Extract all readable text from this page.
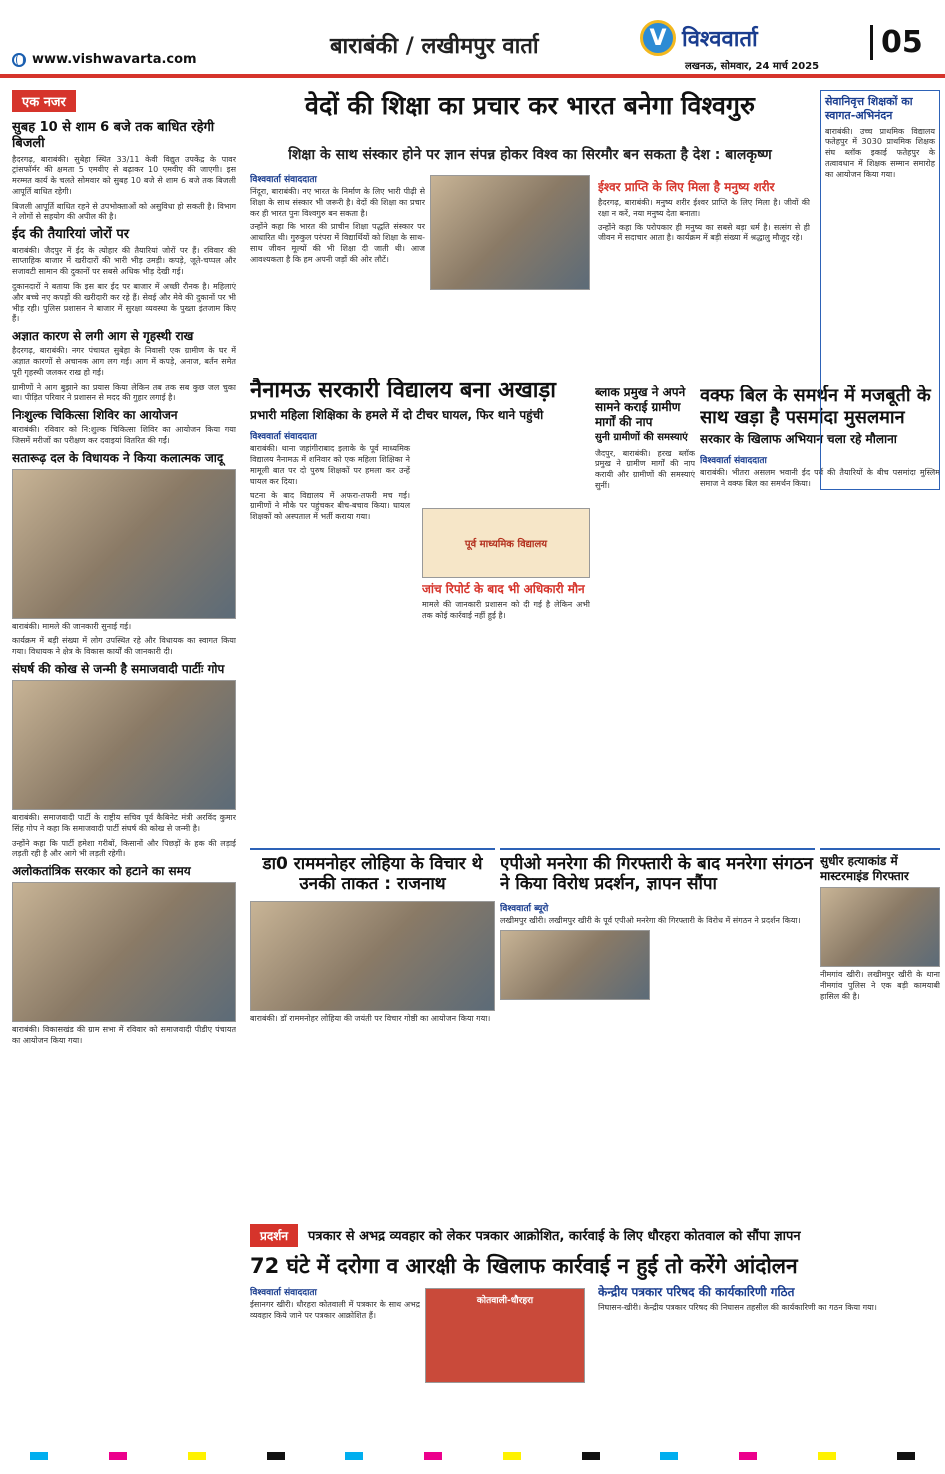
बाराबंकी / लखीमपुर वार्ता
www.vishwavarta.com
V विश्ववार्ता
लखनऊ, सोमवार, 24 मार्च 2025
05
एक नजर
सुबह 10 से शाम 6 बजे तक बाधित रहेगी बिजली
हैदरगढ़, बाराबंकी। सुबेहा स्थित 33/11 केवी विद्युत उपकेंद्र के पावर ट्रांसफॉर्मर की क्षमता 5 एमवीए से बढ़ाकर 10 एमवीए की जाएगी। इस मरम्मत कार्य के चलते सोमवार को सुबह 10 बजे से शाम 6 बजे तक बिजली आपूर्ति बाधित रहेगी।
बिजली आपूर्ति बाधित रहने से उपभोक्ताओं को असुविधा हो सकती है। विभाग ने लोगों से सहयोग की अपील की है।
ईद की तैयारियां जोरों पर
बाराबंकी। जैदपुर में ईद के त्योहार की तैयारियां जोरों पर हैं। रविवार की साप्ताहिक बाजार में खरीदारों की भारी भीड़ उमड़ी। कपड़े, जूते-चप्पल और सजावटी सामान की दुकानों पर सबसे अधिक भीड़ देखी गई।
दुकानदारों ने बताया कि इस बार ईद पर बाजार में अच्छी रौनक है। महिलाएं और बच्चे नए कपड़ों की खरीदारी कर रहे हैं। सेवई और मेवे की दुकानों पर भी भीड़ रही। पुलिस प्रशासन ने बाजार में सुरक्षा व्यवस्था के पुख्ता इंतजाम किए हैं।
अज्ञात कारण से लगी आग से गृहस्थी राख
हैदरगढ़, बाराबंकी। नगर पंचायत सुबेहा के निवासी एक ग्रामीण के घर में अज्ञात कारणों से अचानक आग लग गई। आग में कपड़े, अनाज, बर्तन समेत पूरी गृहस्थी जलकर राख हो गई।
ग्रामीणों ने आग बुझाने का प्रयास किया लेकिन तब तक सब कुछ जल चुका था। पीड़ित परिवार ने प्रशासन से मदद की गुहार लगाई है।
निःशुल्क चिकित्सा शिविर का आयोजन
बाराबंकी। रविवार को नि:शुल्क चिकित्सा शिविर का आयोजन किया गया जिसमें मरीजों का परीक्षण कर दवाइयां वितरित की गईं।
सतारूढ़ दल के विधायक ने किया कलात्मक जादू
बाराबंकी। मामले की जानकारी सुनाई गई।
कार्यक्रम में बड़ी संख्या में लोग उपस्थित रहे और विधायक का स्वागत किया गया। विधायक ने क्षेत्र के विकास कार्यों की जानकारी दी।
संघर्ष की कोख से जन्मी है समाजवादी पार्टीः गोप
बाराबंकी। समाजवादी पार्टी के राष्ट्रीय सचिव पूर्व कैबिनेट मंत्री अरविंद कुमार सिंह गोप ने कहा कि समाजवादी पार्टी संघर्ष की कोख से जन्मी है।
उन्होंने कहा कि पार्टी हमेशा गरीबों, किसानों और पिछड़ों के हक की लड़ाई लड़ती रही है और आगे भी लड़ती रहेगी।
अलोकतांत्रिक सरकार को हटाने का समय
बाराबंकी। विकासखंड की ग्राम सभा में रविवार को समाजवादी पीडीए पंचायत का आयोजन किया गया।
वेदों की शिक्षा का प्रचार कर भारत बनेगा विश्वगुरु
शिक्षा के साथ संस्कार होने पर ज्ञान संपन्न होकर विश्व का सिरमौर बन सकता है देश : बालकृष्ण
विश्ववार्ता संवाददाता
निंदूरा, बाराबंकी। नए भारत के निर्माण के लिए भारी पीढ़ी से शिक्षा के साथ संस्कार भी जरूरी है। वेदों की शिक्षा का प्रचार कर ही भारत पुनः विश्वगुरु बन सकता है।
उन्होंने कहा कि भारत की प्राचीन शिक्षा पद्धति संस्कार पर आधारित थी। गुरुकुल परंपरा में विद्यार्थियों को शिक्षा के साथ-साथ जीवन मूल्यों की भी शिक्षा दी जाती थी। आज आवश्यकता है कि हम अपनी जड़ों की ओर लौटें।
ईश्वर प्राप्ति के लिए मिला है मनुष्य शरीर
हैदरगढ़, बाराबंकी। मनुष्य शरीर ईश्वर प्राप्ति के लिए मिला है। जीवों की रक्षा न करें, नया मनुष्य देता बनाता।
उन्होंने कहा कि परोपकार ही मनुष्य का सबसे बड़ा धर्म है। सत्संग से ही जीवन में सदाचार आता है। कार्यक्रम में बड़ी संख्या में श्रद्धालु मौजूद रहे।
नैनामऊ सरकारी विद्यालय बना अखाड़ा
प्रभारी महिला शिक्षिका के हमले में दो टीचर घायल, फिर थाने पहुंची
विश्ववार्ता संवाददाता
बाराबंकी। थाना जहांगीराबाद इलाके के पूर्व माध्यमिक विद्यालय नैनामऊ में शनिवार को एक महिला शिक्षिका ने मामूली बात पर दो पुरुष शिक्षकों पर हमला कर उन्हें घायल कर दिया।
घटना के बाद विद्यालय में अफरा-तफरी मच गई। ग्रामीणों ने मौके पर पहुंचकर बीच-बचाव किया। घायल शिक्षकों को अस्पताल में भर्ती कराया गया।
पूर्व माध्यमिक विद्यालय
जांच रिपोर्ट के बाद भी अधिकारी मौन
मामले की जानकारी प्रशासन को दी गई है लेकिन अभी तक कोई कार्रवाई नहीं हुई है।
ब्लाक प्रमुख ने अपने सामने कराई ग्रामीण मार्गों की नाप
सुनी ग्रामीणों की समस्याएं
जैदपुर, बाराबंकी। हरख ब्लॉक प्रमुख ने ग्रामीण मार्गों की नाप करायी और ग्रामीणों की समस्याएं सुनीं।
वक्फ बिल के समर्थन में मजबूती के साथ खड़ा है पसमांदा मुसलमान
सरकार के खिलाफ अभियान चला रहे मौलाना
विश्ववार्ता संवाददाता
बाराबंकी। भीतरा असलम भवानी ईद पर्व की तैयारियों के बीच पसमांदा मुस्लिम समाज ने वक्फ बिल का समर्थन किया।
सेवानिवृत्त शिक्षकों का स्वागत-अभिनंदन
बाराबंकी। उच्च प्राथमिक विद्यालय फतेहपुर में 3030 प्राथमिक शिक्षक संघ ब्लॉक इकाई फतेहपुर के तत्वावधान में शिक्षक सम्मान समारोह का आयोजन किया गया।
डा0 राममनोहर लोहिया के विचार थे उनकी ताकत : राजनाथ
बाराबंकी। डॉ राममनोहर लोहिया की जयंती पर विचार गोष्ठी का आयोजन किया गया।
एपीओ मनरेगा की गिरफ्तारी के बाद मनरेगा संगठन ने किया विरोध प्रदर्शन, ज्ञापन सौंपा
विश्ववार्ता ब्यूरो
लखीमपुर खीरी। लखीमपुर खीरी के पूर्व एपीओ मनरेगा की गिरफ्तारी के विरोध में संगठन ने प्रदर्शन किया।
सुधीर हत्याकांड में मास्टरमाइंड गिरफ्तार
नीमगांव खीरी। लखीमपुर खीरी के थाना नीमगांव पुलिस ने एक बड़ी कामयाबी हासिल की है।
प्रदर्शन	पत्रकार से अभद्र व्यवहार को लेकर पत्रकार आक्रोशित, कार्रवाई के लिए धौरहरा कोतवाल को सौंपा ज्ञापन
72 घंटे में दरोगा व आरक्षी के खिलाफ कार्रवाई न हुई तो करेंगे आंदोलन
विश्ववार्ता संवाददाता
ईसानगर खीरी। धौरहरा कोतवाली में पत्रकार के साथ अभद्र व्यवहार किये जाने पर पत्रकार आक्रोशित हैं।
कोतवाली-धौरहरा
केन्द्रीय पत्रकार परिषद की कार्यकारिणी गठित
निघासन-खीरी। केन्द्रीय पत्रकार परिषद की निघासन तहसील की कार्यकारिणी का गठन किया गया।
